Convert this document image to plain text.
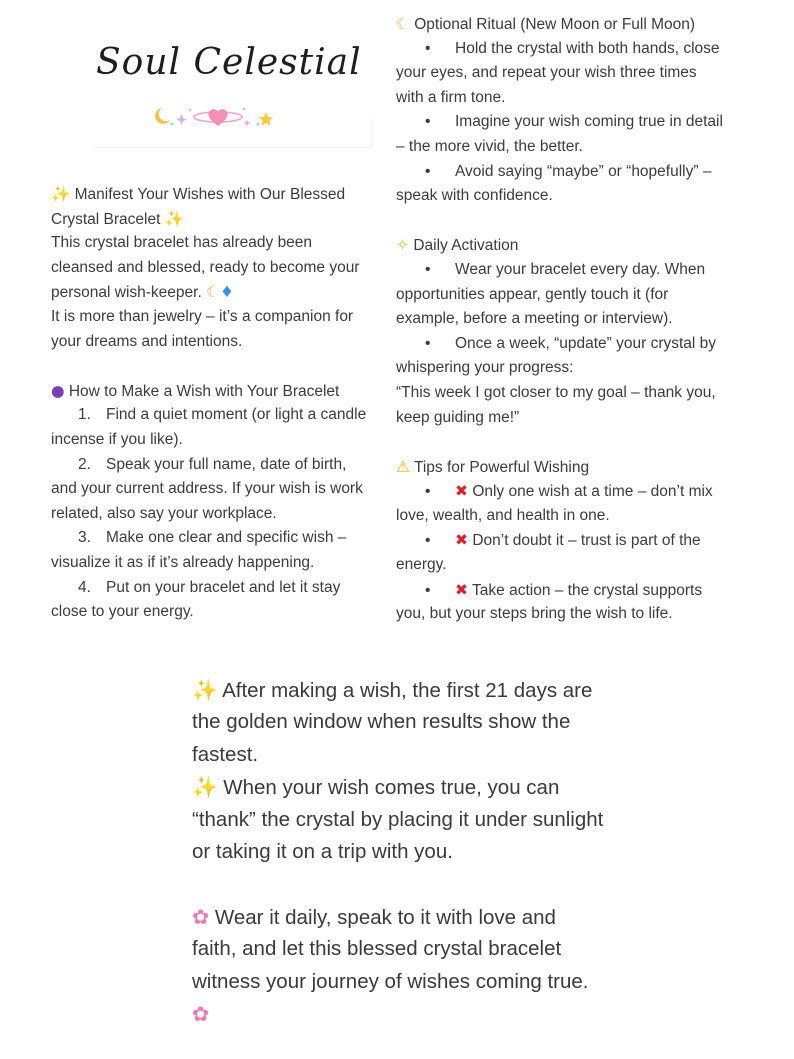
Soul Celestial
✨ Manifest Your Wishes with Our Blessed
Crystal Bracelet ✨
This crystal bracelet has already been
cleansed and blessed, ready to become your
personal wish-keeper. ☾♦
It is more than jewelry – it’s a companion for
your dreams and intentions.
● How to Make a Wish with Your Bracelet
1. Find a quiet moment (or light a candle
incense if you like).
2. Speak your full name, date of birth,
and your current address. If your wish is work
related, also say your workplace.
3. Make one clear and specific wish –
visualize it as if it’s already happening.
4. Put on your bracelet and let it stay
close to your energy.
☾ Optional Ritual (New Moon or Full Moon)
• Hold the crystal with both hands, close
your eyes, and repeat your wish three times
with a firm tone.
• Imagine your wish coming true in detail
– the more vivid, the better.
• Avoid saying “maybe” or “hopefully” –
speak with confidence.
✧ Daily Activation
• Wear your bracelet every day. When
opportunities appear, gently touch it (for
example, before a meeting or interview).
• Once a week, “update” your crystal by
whispering your progress:
“This week I got closer to my goal – thank you,
keep guiding me!”
⚠ Tips for Powerful Wishing
• ✖ Only one wish at a time – don’t mix
love, wealth, and health in one.
• ✖ Don’t doubt it – trust is part of the
energy.
• ✖ Take action – the crystal supports
you, but your steps bring the wish to life.
✨ After making a wish, the first 21 days are
the golden window when results show the
fastest.
✨ When your wish comes true, you can
“thank” the crystal by placing it under sunlight
or taking it on a trip with you.
✿ Wear it daily, speak to it with love and
faith, and let this blessed crystal bracelet
witness your journey of wishes coming true.
✿
